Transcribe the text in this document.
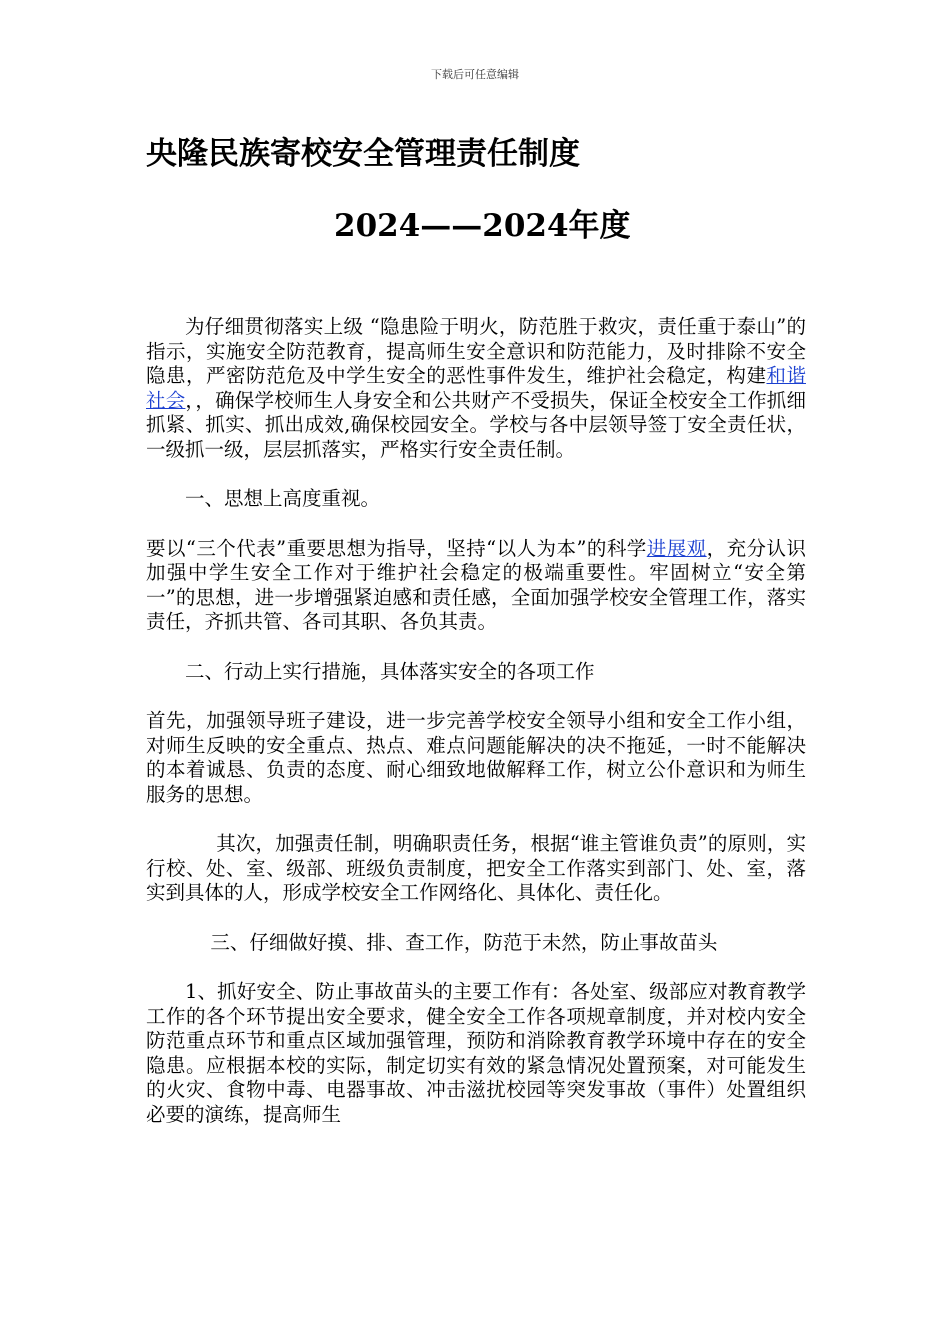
下载后可任意编辑
央隆民族寄校安全管理责任制度
2024——2024年度

为仔细贯彻落实上级 “隐患险于明火，防范胜于救灾，责任重于泰山”的指示，实施安全防范教育，提高师生安全意识和防范能力，及时排除不安全隐患，严密防范危及中学生安全的恶性事件发生，维护社会稳定，构建和谐社会，，确保学校师生人身安全和公共财产不受损失，保证全校安全工作抓细抓紧、抓实、抓出成效,确保校园安全。学校与各中层领导签丁安全责任状，一级抓一级，层层抓落实，严格实行安全责任制。

一、思想上高度重视。

要以“三个代表”重要思想为指导，坚持“以人为本”的科学进展观，充分认识加强中学生安全工作对于维护社会稳定的极端重要性。牢固树立“安全第一”的思想，进一步增强紧迫感和责任感，全面加强学校安全管理工作，落实责任，齐抓共管、各司其职、各负其责。

二、行动上实行措施，具体落实安全的各项工作

首先，加强领导班子建设，进一步完善学校安全领导小组和安全工作小组，对师生反映的安全重点、热点、难点问题能解决的决不拖延，一时不能解决的本着诚恳、负责的态度、耐心细致地做解释工作，树立公仆意识和为师生服务的思想。

其次，加强责任制，明确职责任务，根据“谁主管谁负责”的原则，实行校、处、室、级部、班级负责制度，把安全工作落实到部门、处、室，落实到具体的人，形成学校安全工作网络化、具体化、责任化。

三、仔细做好摸、排、查工作，防范于未然，防止事故苗头

1、抓好安全、防止事故苗头的主要工作有：各处室、级部应对教育教学工作的各个环节提出安全要求，健全安全工作各项规章制度，并对校内安全防范重点环节和重点区域加强管理，预防和消除教育教学环境中存在的安全隐患。应根据本校的实际，制定切实有效的紧急情况处置预案，对可能发生的火灾、食物中毒、电器事故、冲击滋扰校园等突发事故（事件）处置组织必要的演练，提高师生
